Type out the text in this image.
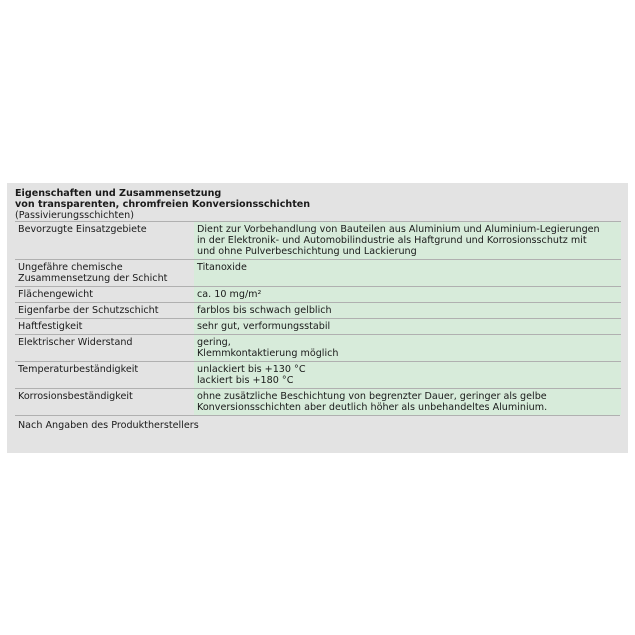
Eigenschaften und Zusammensetzung
von transparenten, chromfreien Konversionsschichten
(Passivierungsschichten)
Bevorzugte Einsatzgebiete	Dient zur Vorbehandlung von Bauteilen aus Aluminium und Aluminium-Legierungen
in der Elektronik- und Automobilindustrie als Haftgrund und Korrosionsschutz mit
und ohne Pulverbeschichtung und Lackierung
Ungefähre chemische
Zusammensetzung der Schicht	Titanoxide
Flächengewicht	ca. 10 mg/m²
Eigenfarbe der Schutzschicht	farblos bis schwach gelblich
Haftfestigkeit	sehr gut, verformungsstabil
Elektrischer Widerstand	gering,
Klemmkontaktierung möglich
Temperaturbeständigkeit	unlackiert bis +130 °C
lackiert bis +180 °C
Korrosionsbeständigkeit	ohne zusätzliche Beschichtung von begrenzter Dauer, geringer als gelbe
Konversionsschichten aber deutlich höher als unbehandeltes Aluminium.
Nach Angaben des Produktherstellers
